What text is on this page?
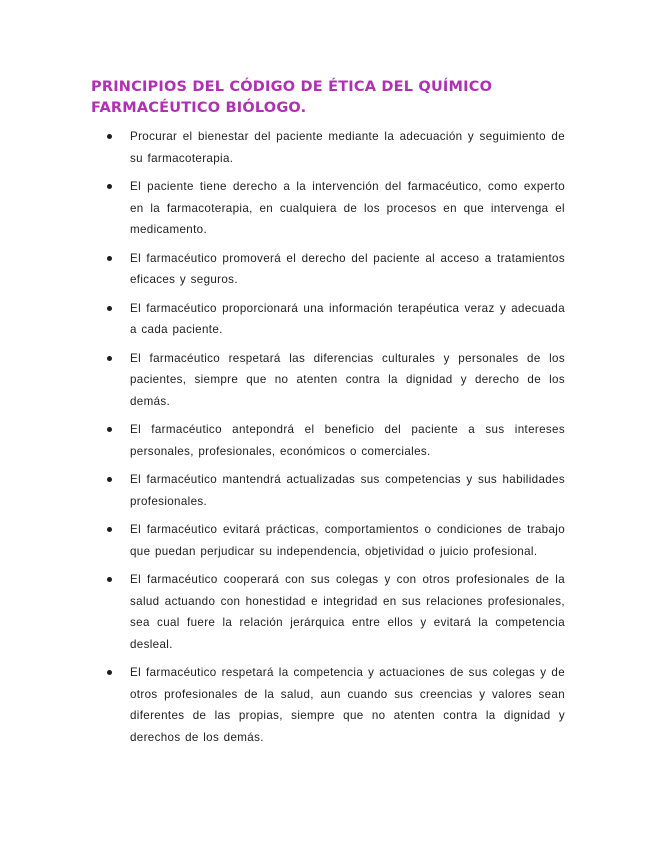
PRINCIPIOS DEL CÓDIGO DE ÉTICA DEL QUÍMICO FARMACÉUTICO BIÓLOGO.
Procurar el bienestar del paciente mediante la adecuación y seguimiento de su farmacoterapia.
El paciente tiene derecho a la intervención del farmacéutico, como experto en la farmacoterapia, en cualquiera de los procesos en que intervenga el medicamento.
El farmacéutico promoverá el derecho del paciente al acceso a tratamientos eficaces y seguros.
El farmacéutico proporcionará una información terapéutica veraz y adecuada a cada paciente.
El farmacéutico respetará las diferencias culturales y personales de los pacientes, siempre que no atenten contra la dignidad y derecho de los demás.
El farmacéutico antepondrá el beneficio del paciente a sus intereses personales, profesionales, económicos o comerciales.
El farmacéutico mantendrá actualizadas sus competencias y sus habilidades profesionales.
El farmacéutico evitará prácticas, comportamientos o condiciones de trabajo que puedan perjudicar su independencia, objetividad o juicio profesional.
El farmacéutico cooperará con sus colegas y con otros profesionales de la salud actuando con honestidad e integridad en sus relaciones profesionales, sea cual fuere la relación jerárquica entre ellos y evitará la competencia desleal.
El farmacéutico respetará la competencia y actuaciones de sus colegas y de otros profesionales de la salud, aun cuando sus creencias y valores sean diferentes de las propias, siempre que no atenten contra la dignidad y derechos de los demás.
